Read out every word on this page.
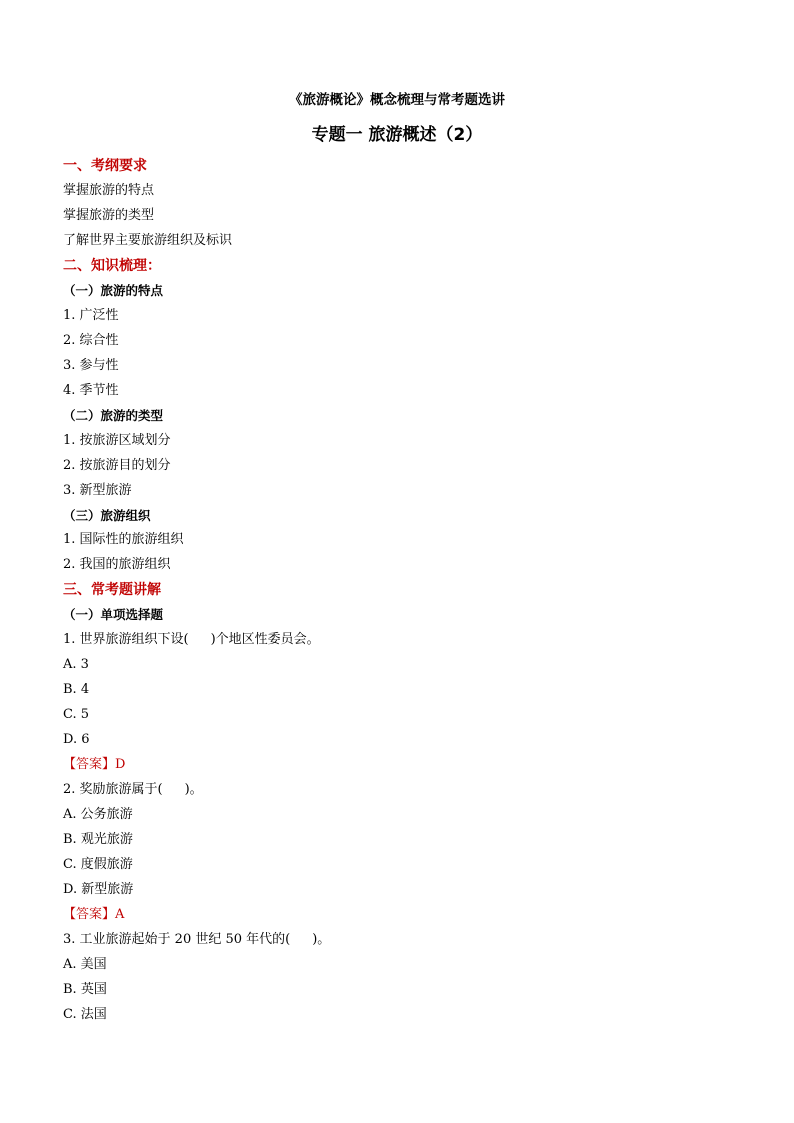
《旅游概论》概念梳理与常考题选讲
专题一 旅游概述（2）
一、考纲要求
掌握旅游的特点
掌握旅游的类型
了解世界主要旅游组织及标识
二、知识梳理：
（一）旅游的特点
1. 广泛性
2. 综合性
3. 参与性
4. 季节性
（二）旅游的类型
1. 按旅游区域划分
2. 按旅游目的划分
3. 新型旅游
（三）旅游组织
1. 国际性的旅游组织
2. 我国的旅游组织
三、常考题讲解
（一）单项选择题
1. 世界旅游组织下设( )个地区性委员会。
A. 3
B. 4
C. 5
D. 6
【答案】D
2. 奖励旅游属于( )。
A. 公务旅游
B. 观光旅游
C. 度假旅游
D. 新型旅游
【答案】A
3. 工业旅游起始于 20 世纪 50 年代的( )。
A. 美国
B. 英国
C. 法国
